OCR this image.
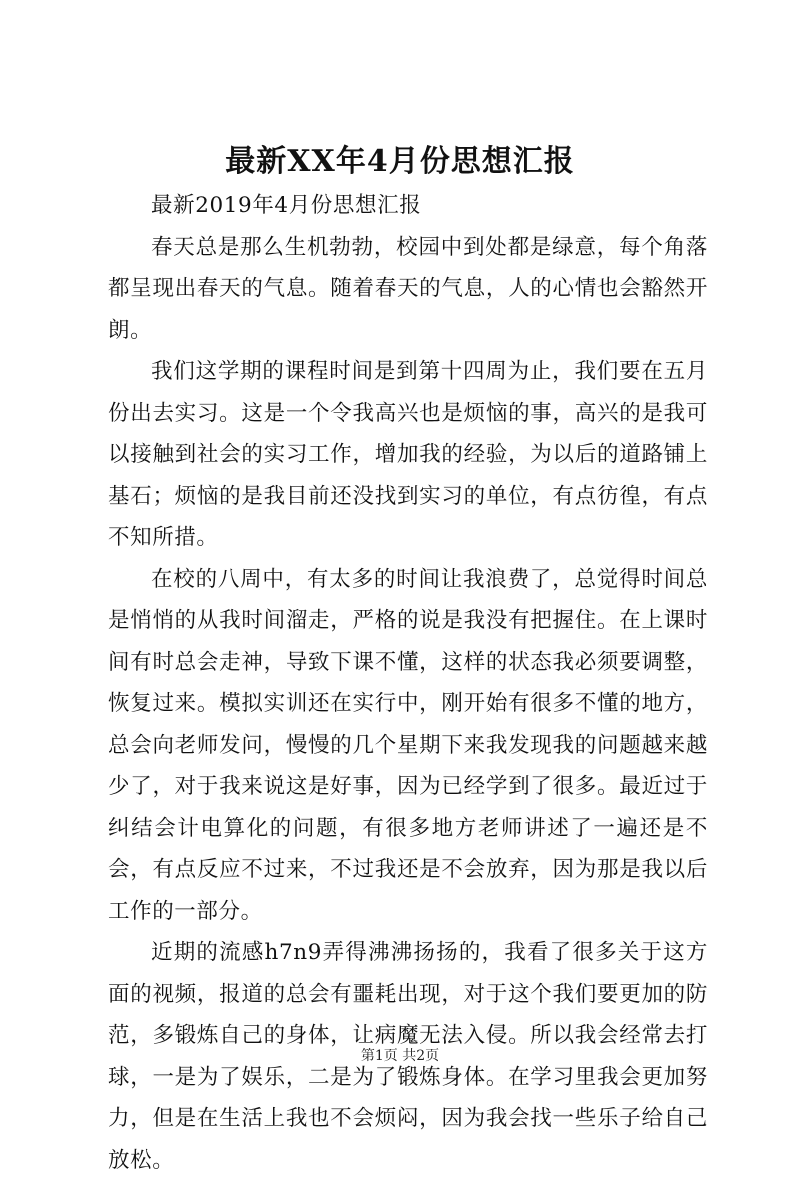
最新XX年4月份思想汇报

最新2019年4月份思想汇报

春天总是那么生机勃勃，校园中到处都是绿意，每个角落都呈现出春天的气息。随着春天的气息，人的心情也会豁然开朗。

我们这学期的课程时间是到第十四周为止，我们要在五月份出去实习。这是一个令我高兴也是烦恼的事，高兴的是我可以接触到社会的实习工作，增加我的经验，为以后的道路铺上基石；烦恼的是我目前还没找到实习的单位，有点彷徨，有点不知所措。

在校的八周中，有太多的时间让我浪费了，总觉得时间总是悄悄的从我时间溜走，严格的说是我没有把握住。在上课时间有时总会走神，导致下课不懂，这样的状态我必须要调整，恢复过来。模拟实训还在实行中，刚开始有很多不懂的地方，总会向老师发问，慢慢的几个星期下来我发现我的问题越来越少了，对于我来说这是好事，因为已经学到了很多。最近过于纠结会计电算化的问题，有很多地方老师讲述了一遍还是不会，有点反应不过来，不过我还是不会放弃，因为那是我以后工作的一部分。

近期的流感h7n9弄得沸沸扬扬的，我看了很多关于这方面的视频，报道的总会有噩耗出现，对于这个我们要更加的防范，多锻炼自己的身体，让病魔无法入侵。所以我会经常去打球，一是为了娱乐，二是为了锻炼身体。在学习里我会更加努力，但是在生活上我也不会烦闷，因为我会找一些乐子给自己放松。

第1页 共2页
